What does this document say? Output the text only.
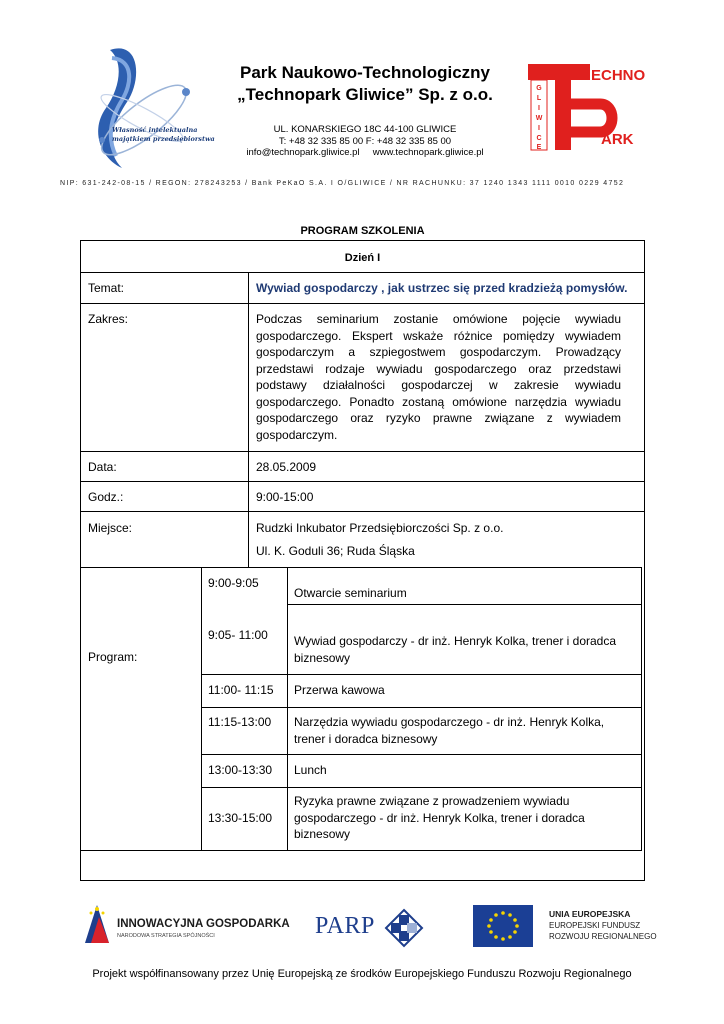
Własność intelektualna
majątkiem przedsiębiorstwa
Park Naukowo-Technologiczny
„Technopark Gliwice” Sp. z o.o.
UL. KONARSKIEGO 18C 44-100 GLIWICE
T: +48 32 335 85 00 F: +48 32 335 85 00
info@technopark.gliwice.pl www.technopark.gliwice.pl
G
L
I
W
I
C
E
ECHNO
ARK
NIP: 631-242-08-15 / REGON: 278243253 / Bank PeKaO S.A. I O/GLIWICE / NR RACHUNKU: 37 1240 1343 1111 0010 0229 4752
PROGRAM SZKOLENIA
Dzień I
Temat:	Wywiad gospodarczy , jak ustrzec się przed kradzieżą pomysłów.
Zakres:	Podczas seminarium zostanie omówione pojęcie wywiadu gospodarczego. Ekspert wskaże różnice pomiędzy wywiadem gospodarczym a szpiegostwem gospodarczym. Prowadzący przedstawi rodzaje wywiadu gospodarczego oraz przedstawi podstawy działalności gospodarczej w zakresie wywiadu gospodarczego. Ponadto zostaną omówione narzędzia wywiadu gospodarczego oraz ryzyko prawne związane z wywiadem gospodarczym.
Data:	28.05.2009
Godz.:	9:00-15:00
Miejsce:	Rudzki Inkubator Przedsiębiorczości Sp. z o.o.
Ul. K. Goduli 36; Ruda Śląska
Program:
9:00-9:05
Otwarcie seminarium
9:05- 11:00 Wywiad gospodarczy - dr inż. Henryk Kolka, trener i doradca biznesowy
11:00- 11:15 Przerwa kawowa
11:15-13:00 Narzędzia wywiadu gospodarczego - dr inż. Henryk Kolka, trener i doradca biznesowy
13:00-13:30 Lunch
13:30-15:00
Ryzyka prawne związane z prowadzeniem wywiadu gospodarczego - dr inż. Henryk Kolka, trener i doradca biznesowy
INNOWACYJNA GOSPODARKA
NARODOWA STRATEGIA SPÓJNOŚCI	PARP	UNIA EUROPEJSKA
EUROPEJSKI FUNDUSZ
ROZWOJU REGIONALNEGO
Projekt współfinansowany przez Unię Europejską ze środków Europejskiego Funduszu Rozwoju Regionalnego
